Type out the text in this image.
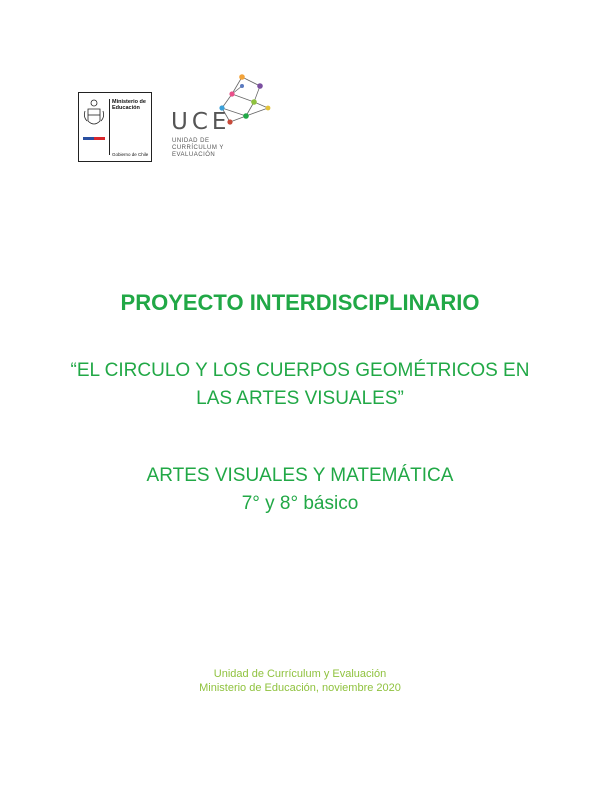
Ministerio de Educación
Gobierno de Chile
UCE
UNIDAD DE
CURRÍCULUM Y
EVALUACIÓN
PROYECTO INTERDISCIPLINARIO
“EL CIRCULO Y LOS CUERPOS GEOMÉTRICOS EN
LAS ARTES VISUALES”
ARTES VISUALES Y MATEMÁTICA
7° y 8° básico
Unidad de Currículum y Evaluación
Ministerio de Educación, noviembre 2020
